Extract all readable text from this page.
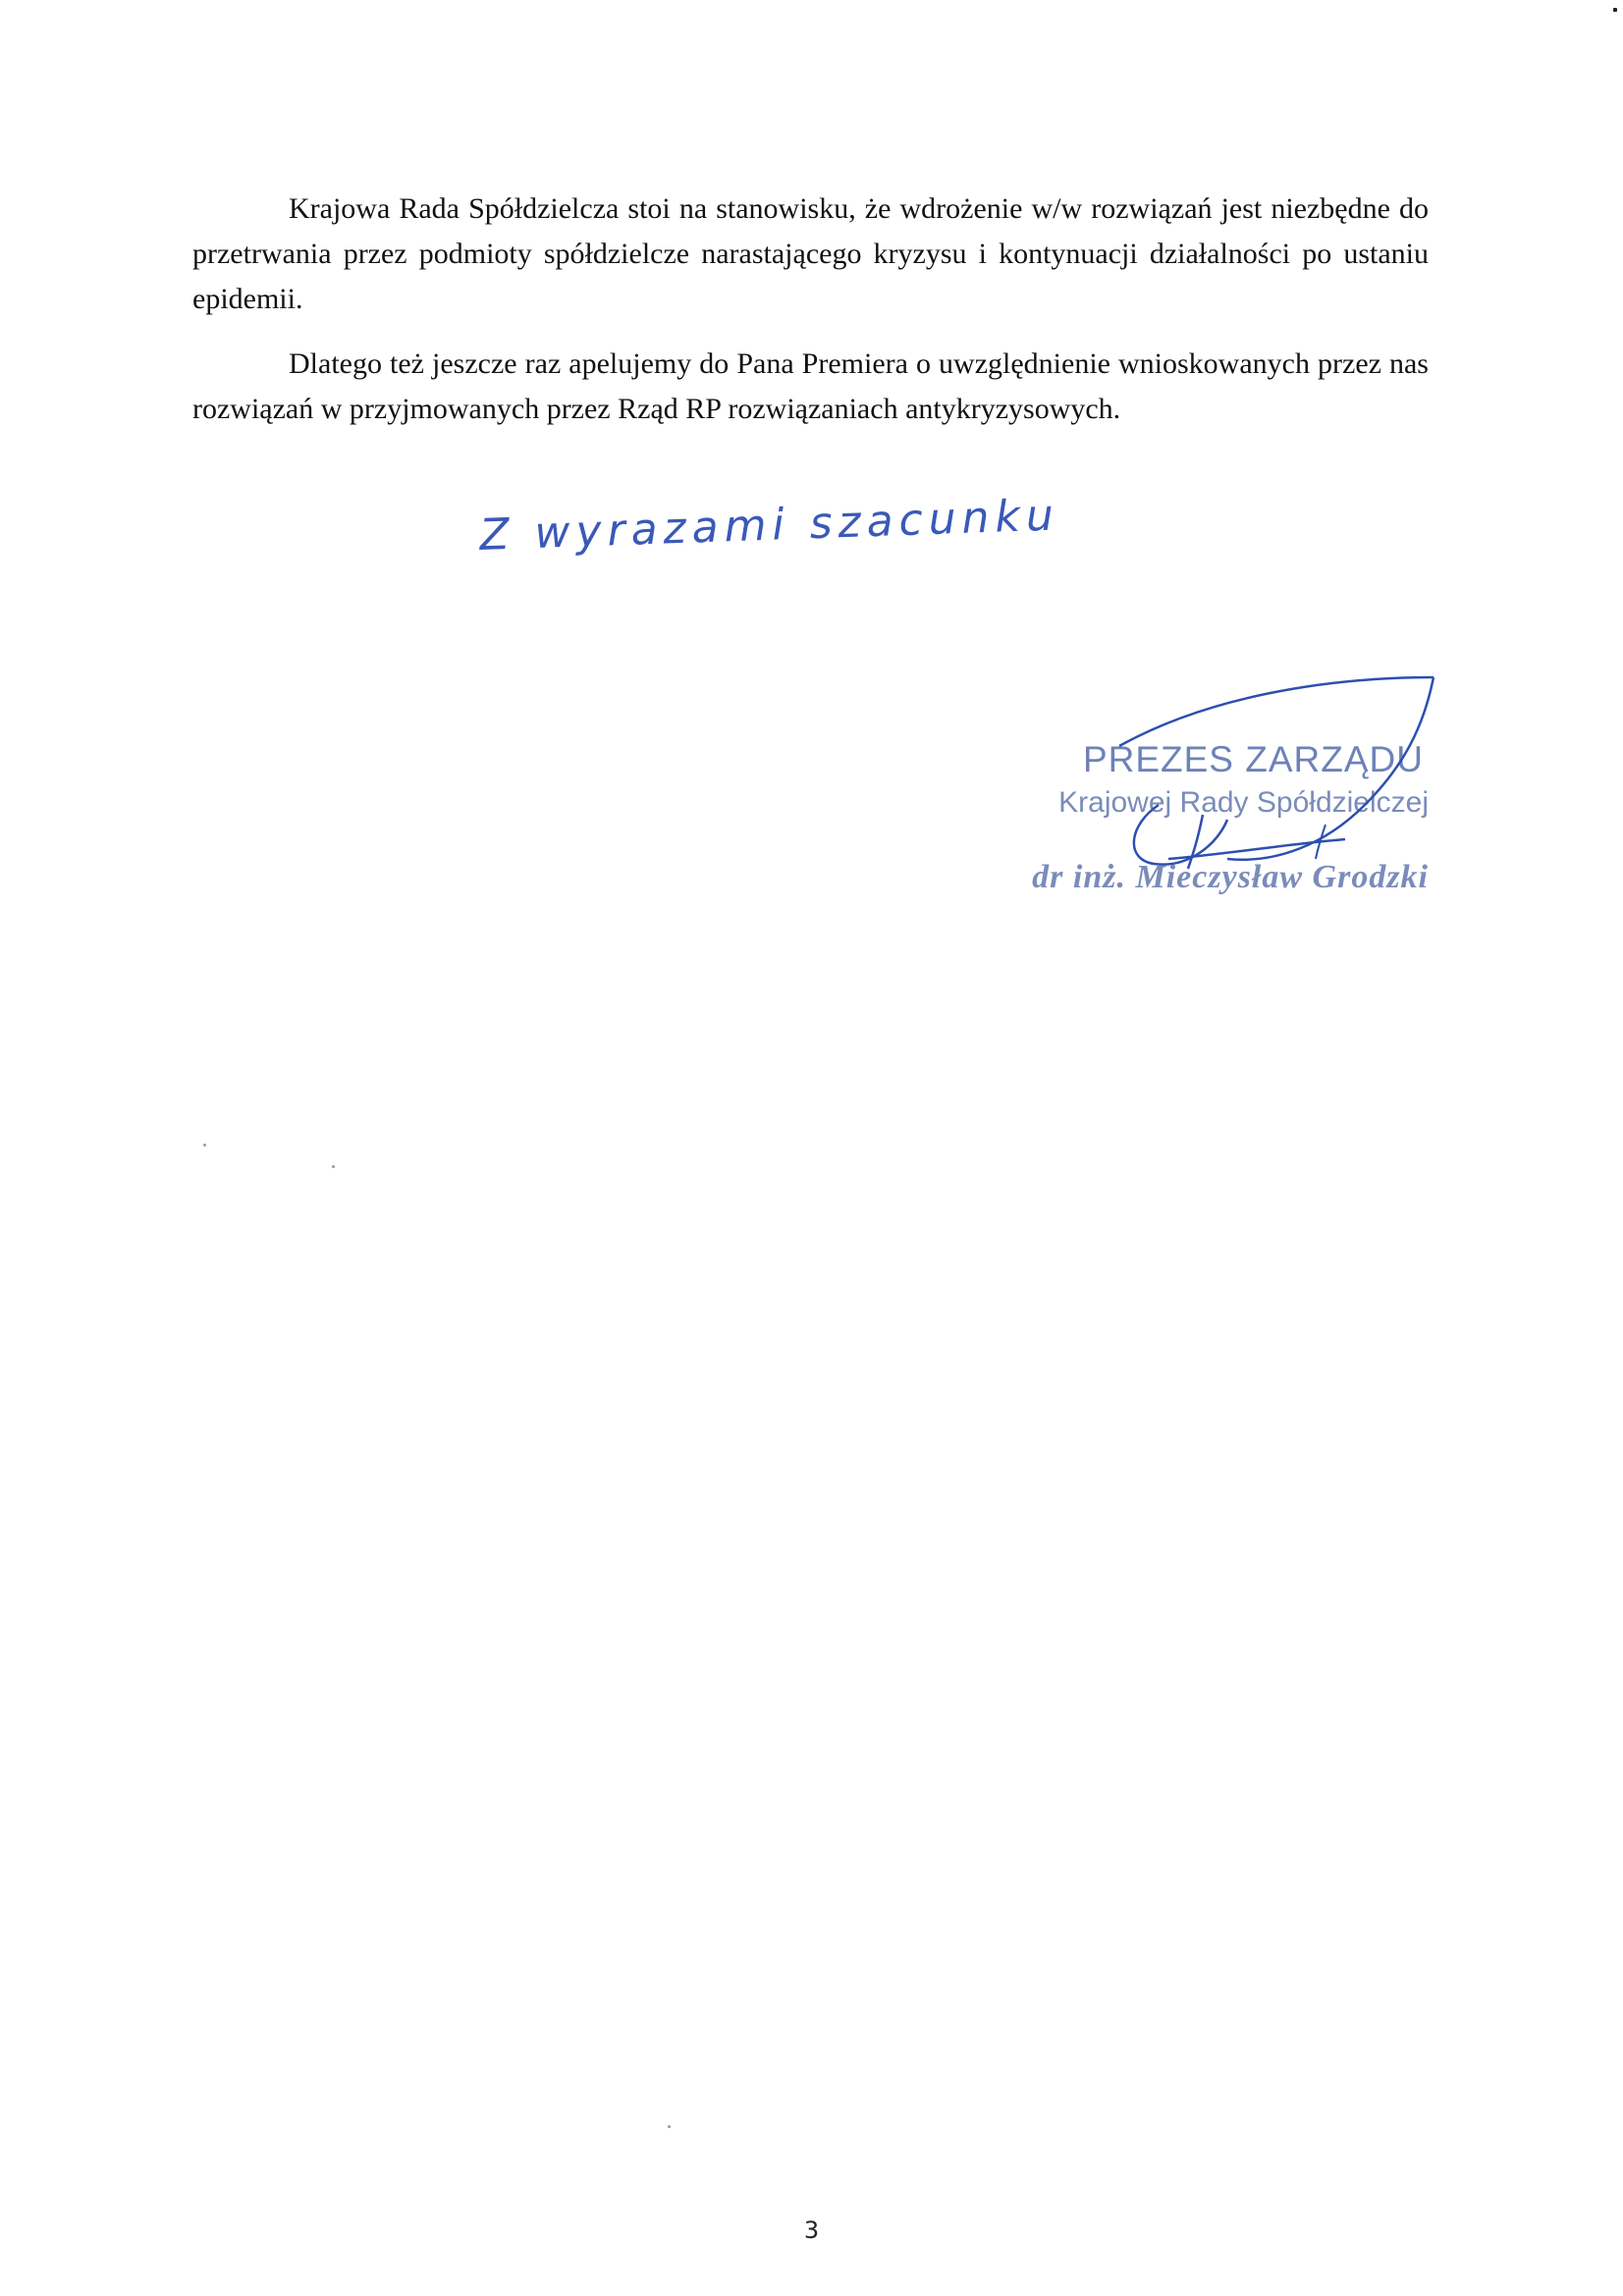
Krajowa Rada Spółdzielcza stoi na stanowisku, że wdrożenie w/w rozwiązań jest niezbędne do przetrwania przez podmioty spółdzielcze narastającego kryzysu i kontynuacji działalności po ustaniu epidemii.

Dlatego też jeszcze raz apelujemy do Pana Premiera o uwzględnienie wnioskowanych przez nas rozwiązań w przyjmowanych przez Rząd RP rozwiązaniach antykryzysowych.

Z wyrazami szacunku
PREZES ZARZĄDU
Krajowej Rady Spółdzielczej
dr inż. Mieczysław Grodzki
3
